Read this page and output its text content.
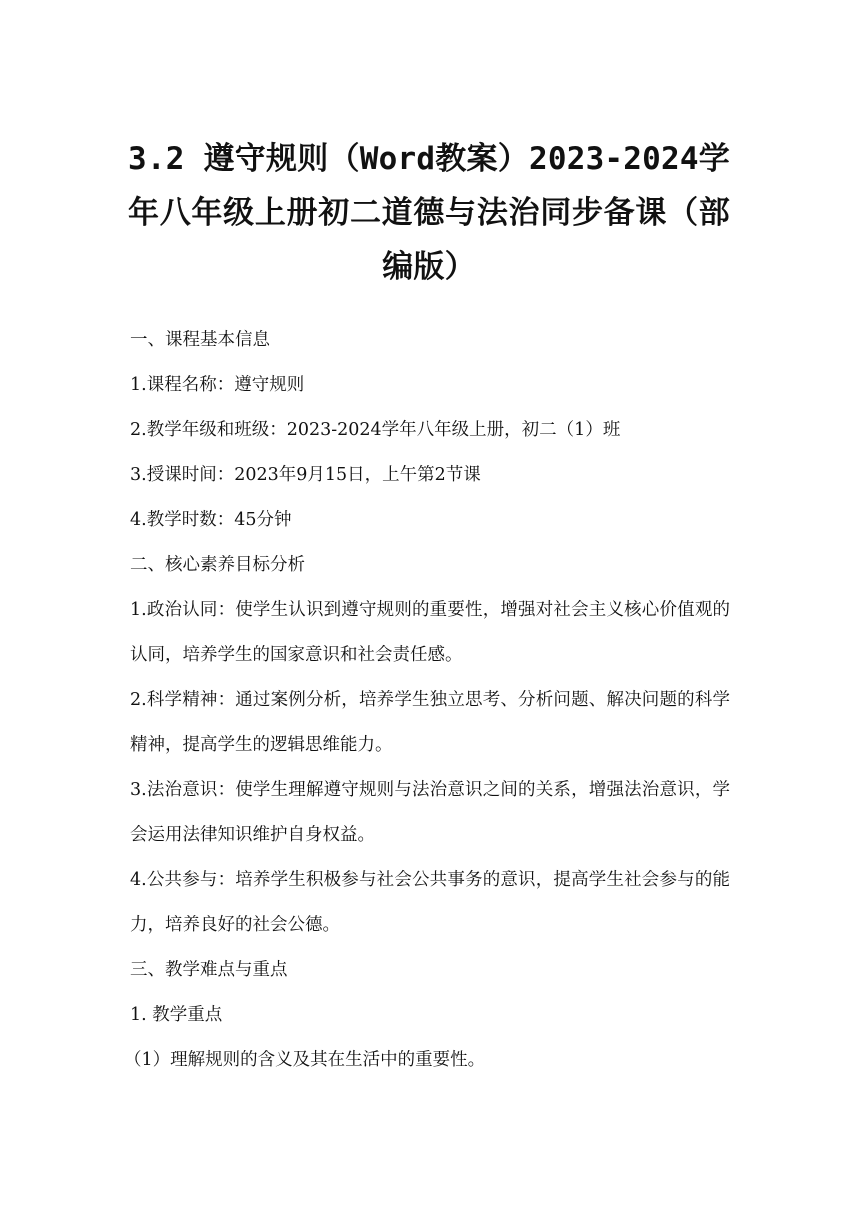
3.2 遵守规则（Word教案）2023-2024学年八年级上册初二道德与法治同步备课（部编版）

一、课程基本信息

1.课程名称：遵守规则

2.教学年级和班级：2023-2024学年八年级上册，初二（1）班

3.授课时间：2023年9月15日，上午第2节课

4.教学时数：45分钟

二、核心素养目标分析

1.政治认同：使学生认识到遵守规则的重要性，增强对社会主义核心价值观的认同，培养学生的国家意识和社会责任感。

2.科学精神：通过案例分析，培养学生独立思考、分析问题、解决问题的科学精神，提高学生的逻辑思维能力。

3.法治意识：使学生理解遵守规则与法治意识之间的关系，增强法治意识，学会运用法律知识维护自身权益。

4.公共参与：培养学生积极参与社会公共事务的意识，提高学生社会参与的能力，培养良好的社会公德。

三、教学难点与重点

1. 教学重点

（1）理解规则的含义及其在生活中的重要性。
